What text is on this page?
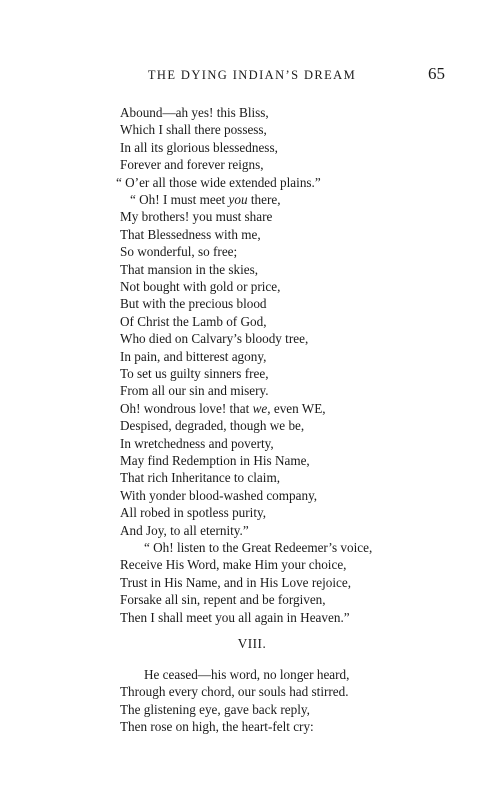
THE DYING INDIAN’S DREAM	65
Abound—ah yes! this Bliss,
Which I shall there possess,
In all its glorious blessedness,
Forever and forever reigns,
“ O’er all those wide extended plains.”
“ Oh! I must meet you there,
My brothers! you must share
That Blessedness with me,
So wonderful, so free;
That mansion in the skies,
Not bought with gold or price,
But with the precious blood
Of Christ the Lamb of God,
Who died on Calvary’s bloody tree,
In pain, and bitterest agony,
To set us guilty sinners free,
From all our sin and misery.
Oh! wondrous love! that we, even WE,
Despised, degraded, though we be,
In wretchedness and poverty,
May find Redemption in His Name,
That rich Inheritance to claim,
With yonder blood-washed company,
All robed in spotless purity,
And Joy, to all eternity.”
“ Oh! listen to the Great Redeemer’s voice,
Receive His Word, make Him your choice,
Trust in His Name, and in His Love rejoice,
Forsake all sin, repent and be forgiven,
Then I shall meet you all again in Heaven.”
VIII.
He ceased—his word, no longer heard,
Through every chord, our souls had stirred.
The glistening eye, gave back reply,
Then rose on high, the heart-felt cry:
